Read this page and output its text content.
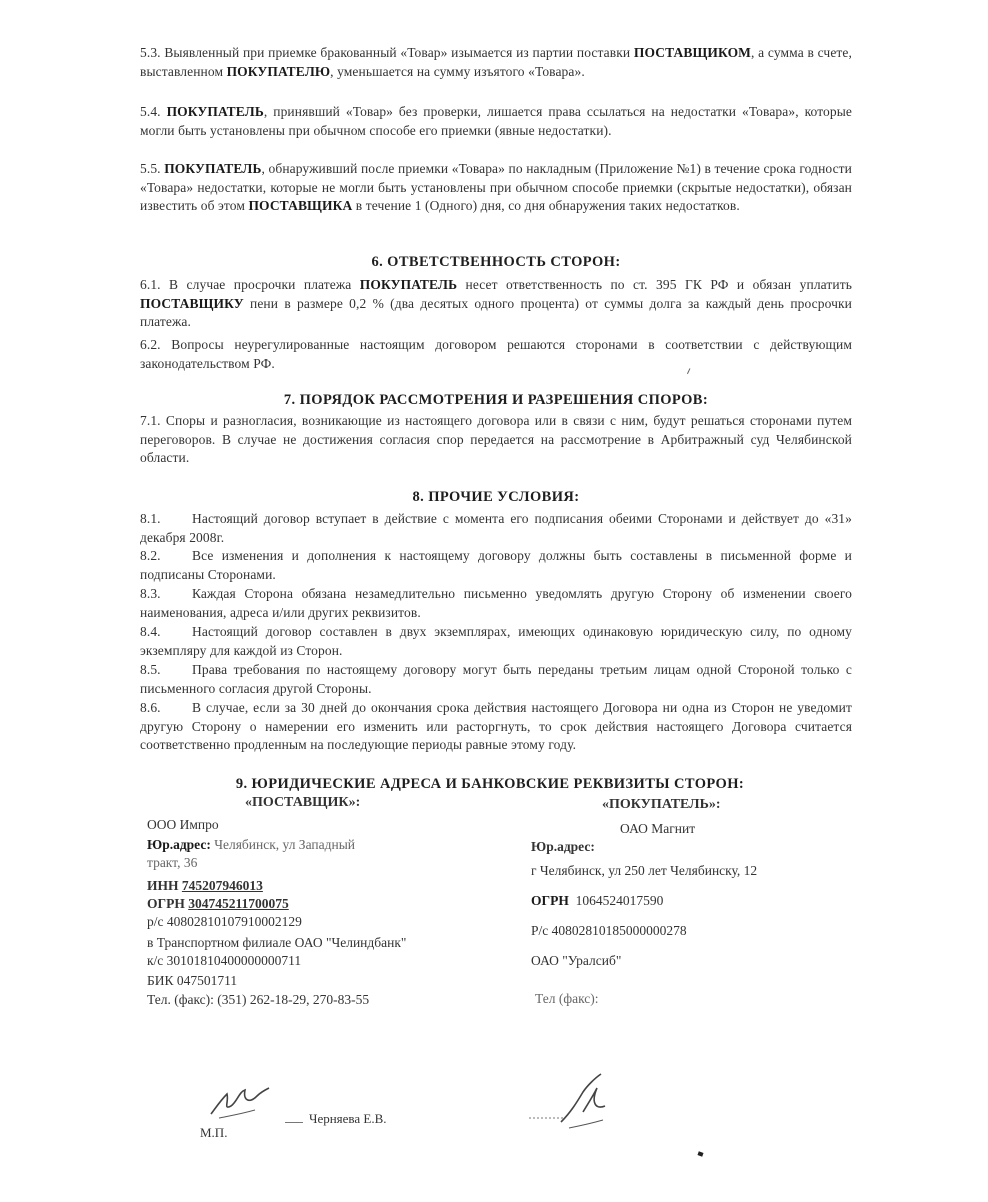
5.3. Выявленный при приемке бракованный «Товар» изымается из партии поставки ПОСТАВЩИКОМ, а сумма в счете, выставленном ПОКУПАТЕЛЮ, уменьшается на сумму изъятого «Товара».
5.4. ПОКУПАТЕЛЬ, принявший «Товар» без проверки, лишается права ссылаться на недостатки «Товара», которые могли быть установлены при обычном способе его приемки (явные недостатки).
5.5. ПОКУПАТЕЛЬ, обнаруживший после приемки «Товара» по накладным (Приложение №1) в течение срока годности «Товара» недостатки, которые не могли быть установлены при обычном способе приемки (скрытые недостатки), обязан известить об этом ПОСТАВЩИКА в течение 1 (Одного) дня, со дня обнаружения таких недостатков.
6. ОТВЕТСТВЕННОСТЬ СТОРОН:
6.1. В случае просрочки платежа ПОКУПАТЕЛЬ несет ответственность по ст. 395 ГК РФ и обязан уплатить ПОСТАВЩИКУ пени в размере 0,2 % (два десятых одного процента) от суммы долга за каждый день просрочки платежа.
6.2. Вопросы неурегулированные настоящим договором решаются сторонами в соответствии с действующим законодательством РФ.
7. ПОРЯДОК РАССМОТРЕНИЯ И РАЗРЕШЕНИЯ СПОРОВ:
7.1. Споры и разногласия, возникающие из настоящего договора или в связи с ним, будут решаться сторонами путем переговоров. В случае не достижения согласия спор передается на рассмотрение в Арбитражный суд Челябинской области.
8. ПРОЧИЕ УСЛОВИЯ:
8.1. Настоящий договор вступает в действие с момента его подписания обеими Сторонами и действует до «31» декабря 2008г.
8.2. Все изменения и дополнения к настоящему договору должны быть составлены в письменной форме и подписаны Сторонами.
8.3. Каждая Сторона обязана незамедлительно письменно уведомлять другую Сторону об изменении своего наименования, адреса и/или других реквизитов.
8.4. Настоящий договор составлен в двух экземплярах, имеющих одинаковую юридическую силу, по одному экземпляру для каждой из Сторон.
8.5. Права требования по настоящему договору могут быть переданы третьим лицам одной Стороной только с письменного согласия другой Стороны.
8.6. В случае, если за 30 дней до окончания срока действия настоящего Договора ни одна из Сторон не уведомит другую Сторону о намерении его изменить или расторгнуть, то срок действия настоящего Договора считается соответственно продленным на последующие периоды равные этому году.
9. ЮРИДИЧЕСКИЕ АДРЕСА И БАНКОВСКИЕ РЕКВИЗИТЫ СТОРОН:
«ПОСТАВЩИК»:
ООО Импро
Юр.адрес: Челябинск, ул Западный
тракт, 36
ИНН 745207946013
ОГРН 304745211700075
р/с 40802810107910002129
в Транспортном филиале ОАО "Челиндбанк"
к/с 30101810400000000711
БИК 047501711
Тел. (факс): (351) 262-18-29, 270-83-55
«ПОКУПАТЕЛЬ»:
ОАО Магнит
Юр.адрес:
г Челябинск, ул 250 лет Челябинску, 12
ОГРН 1064524017590
Р/с 40802810185000000278
ОАО "Уралсиб"
Тел (факс):
М.П.
Черняева Е.В.
